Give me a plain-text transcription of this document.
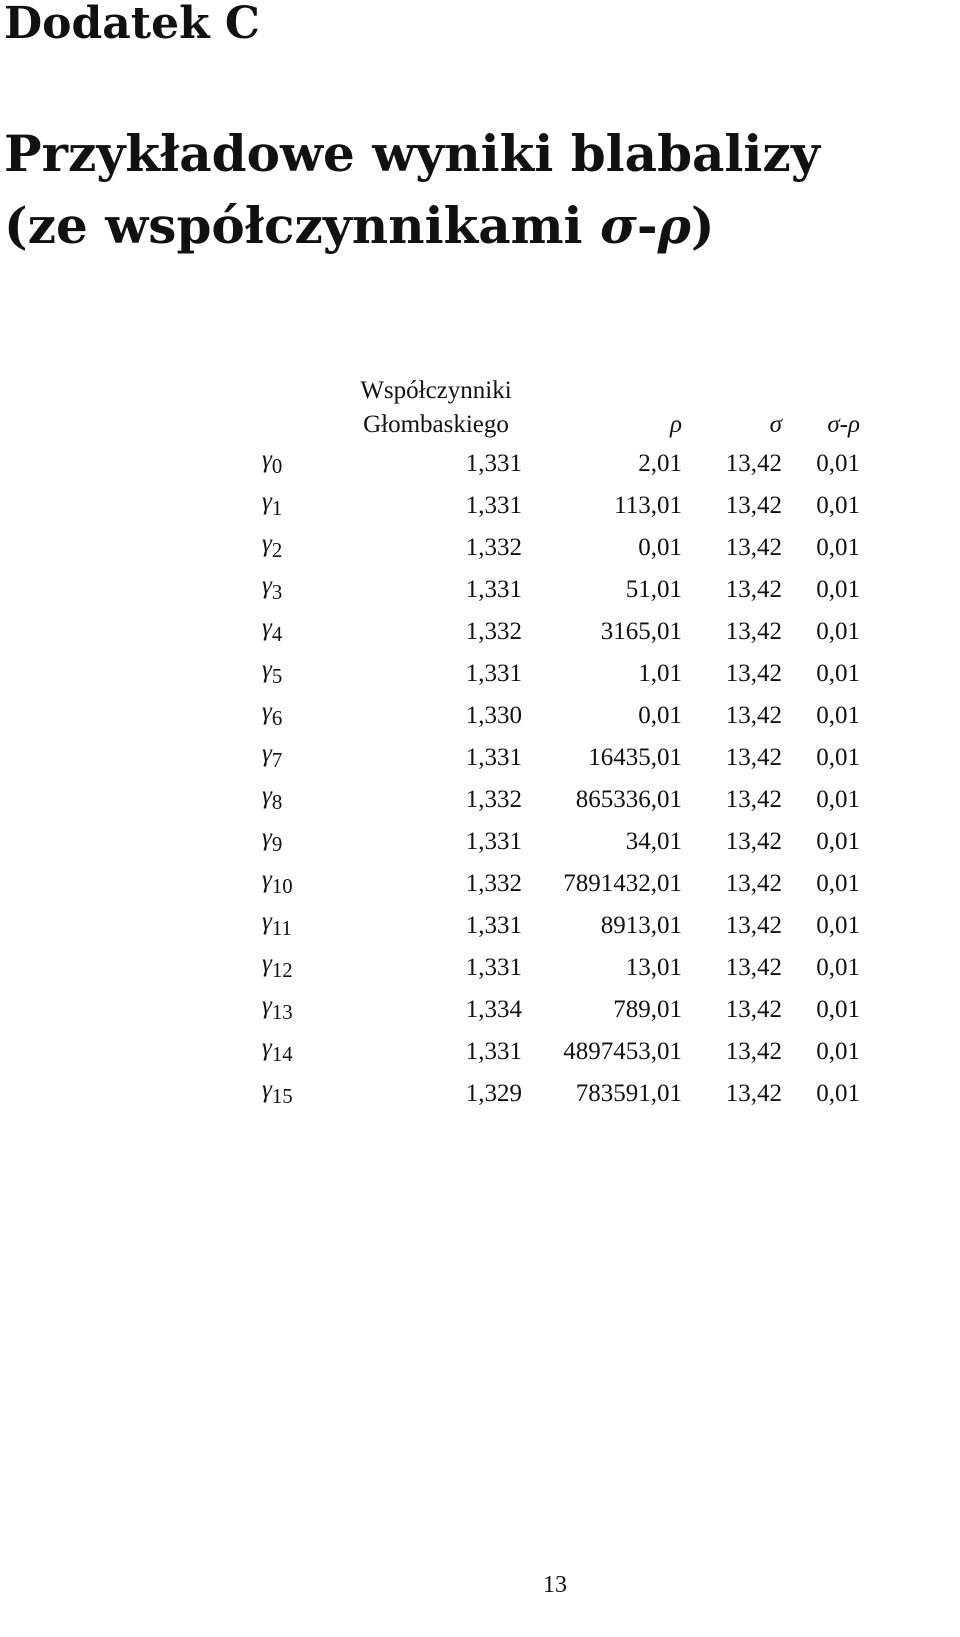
Dodatek C
Przykładowe wyniki blabalizy
(ze współczynnikami σ-ρ)

	Współczynniki
Głombaskiego	ρ	σ	σ-ρ
$\gamma_0$	1,331	2,01	13,42	0,01
$\gamma_1$	1,331	113,01	13,42	0,01
$\gamma_2$	1,332	0,01	13,42	0,01
$\gamma_3$	1,331	51,01	13,42	0,01
$\gamma_4$	1,332	3165,01	13,42	0,01
$\gamma_5$	1,331	1,01	13,42	0,01
$\gamma_6$	1,330	0,01	13,42	0,01
$\gamma_7$	1,331	16435,01	13,42	0,01
$\gamma_8$	1,332	865336,01	13,42	0,01
$\gamma_9$	1,331	34,01	13,42	0,01
$\gamma_{10}$	1,332	7891432,01	13,42	0,01
$\gamma_{11}$	1,331	8913,01	13,42	0,01
$\gamma_{12}$	1,331	13,01	13,42	0,01
$\gamma_{13}$	1,334	789,01	13,42	0,01
$\gamma_{14}$	1,331	4897453,01	13,42	0,01
$\gamma_{15}$	1,329	783591,01	13,42	0,01
13
